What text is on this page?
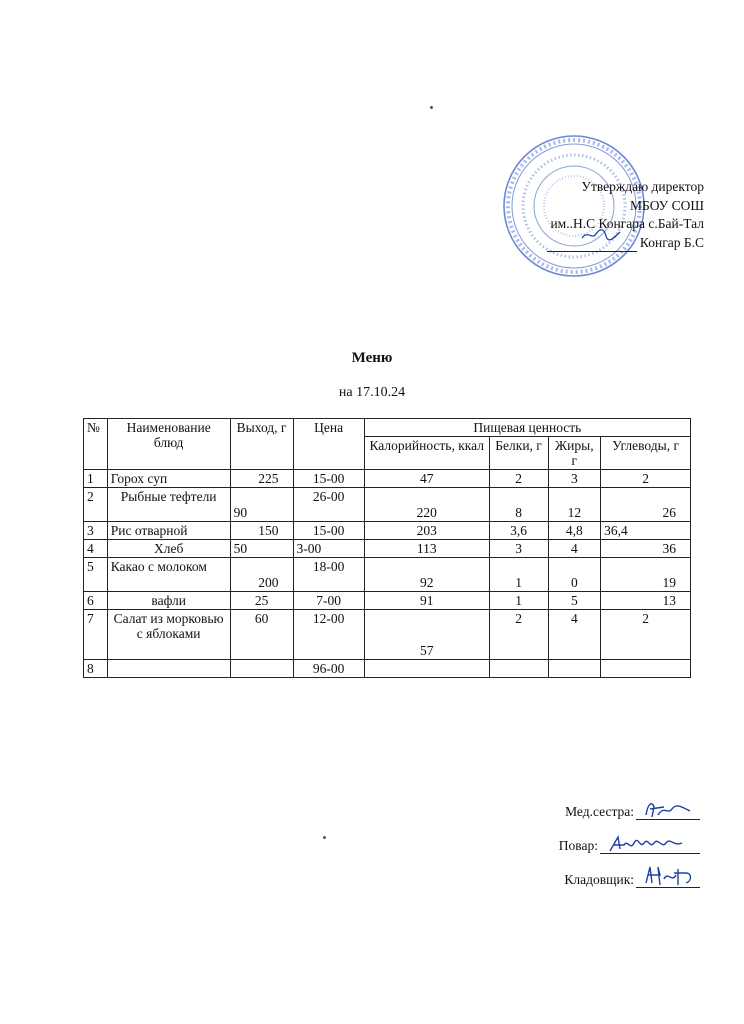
Утверждаю директор
МБОУ СОШ
им..Н.С Конгара с.Бай-Тал
Конгар Б.С
Меню
на 17.10.24
№	Наименование блюд	Выход, г	Цена	Пищевая ценность			
				Калорийность, ккал	Белки, г	Жиры, г	Углеводы, г
1	Горох суп	225	15-00	47	2	3	2
2	Рыбные тефтели	90	26-00	220	8	12	26
3	Рис отварной	150	15-00	203	3,6	4,8	36,4
4	Хлеб	50	3-00	113	3	4	36
5	Какао с молоком	200	18-00	92	1	0	19
6	вафли	25	7-00	91	1	5	13
7	Салат из морковью с яблоками	60	12-00	57	2	4	2
8			96-00				
Мед.сестра:
Повар:
Кладовщик:
